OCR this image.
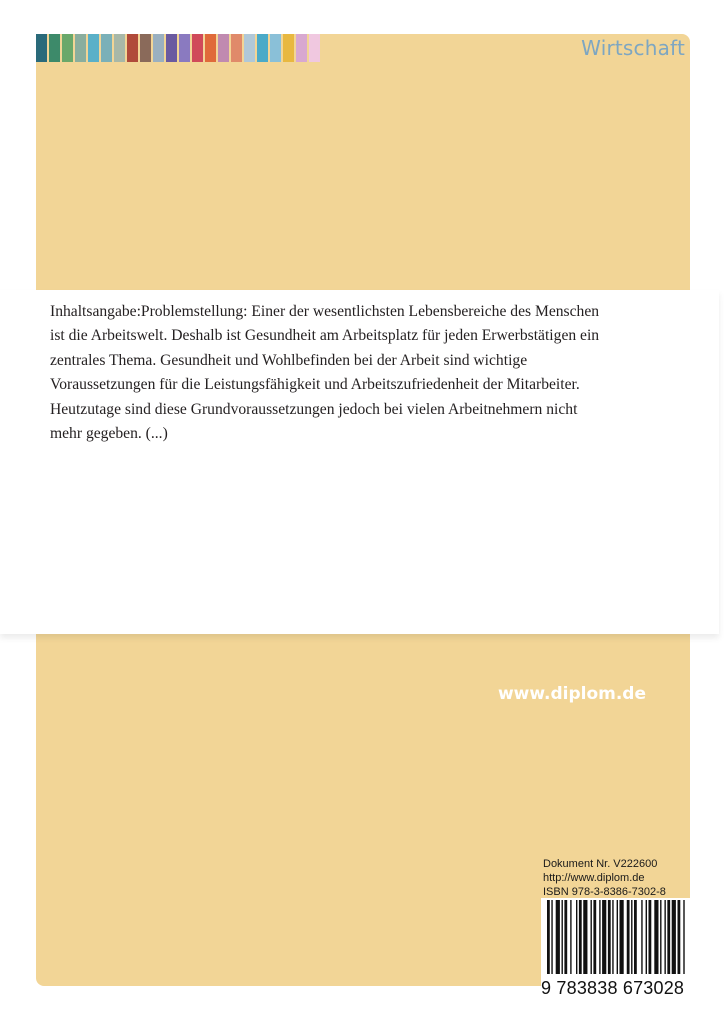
Wirtschaft
www.diplom.de
Dokument Nr. V222600
http://www.diplom.de
ISBN 978-3-8386-7302-8
9 783838 673028

Inhaltsangabe:Problemstellung: Einer der wesentlichsten Lebensbereiche des Menschen ist die Arbeitswelt. Deshalb ist Gesundheit am Arbeitsplatz für jeden Erwerbstätigen ein zentrales Thema. Gesundheit und Wohlbefinden bei der Arbeit sind wichtige Voraussetzungen für die Leistungsfähigkeit und Arbeitszufriedenheit der Mitarbeiter. Heutzutage sind diese Grundvoraussetzungen jedoch bei vielen Arbeitnehmern nicht mehr gegeben. (...)
